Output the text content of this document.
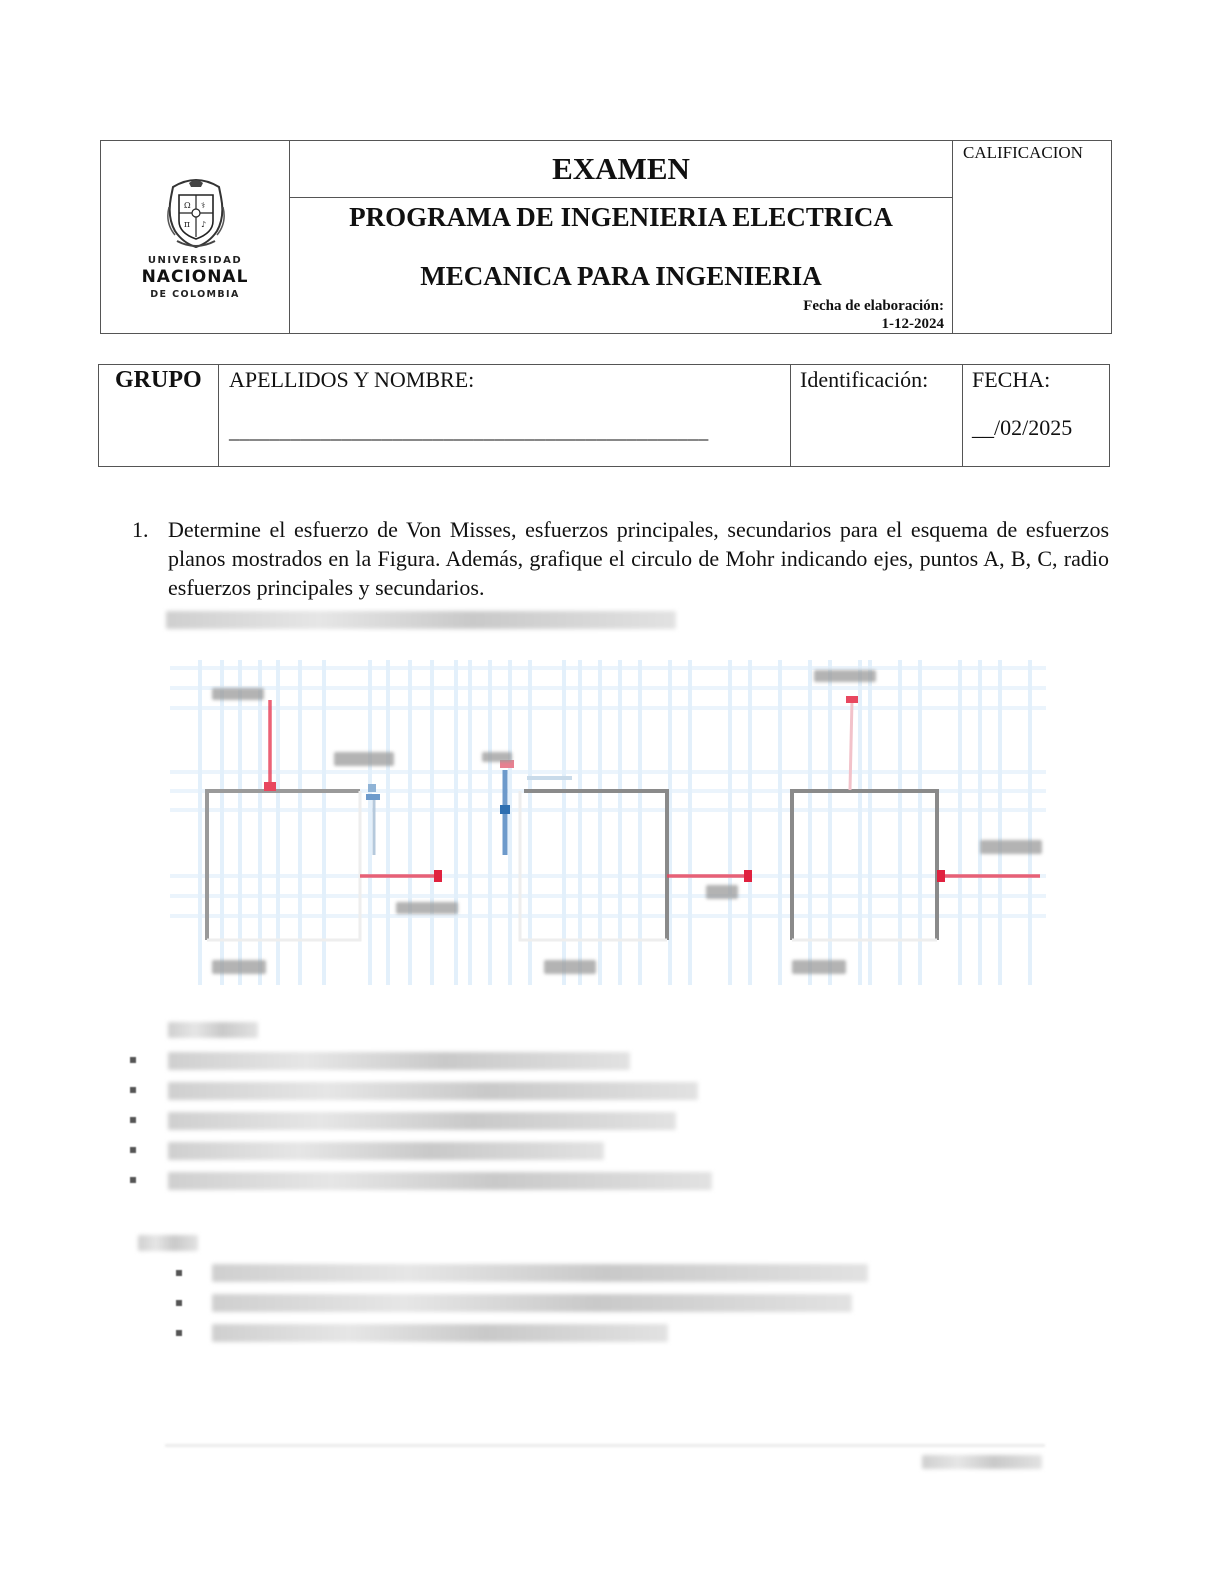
Ω
π
⚕
♪
UNIVERSIDAD
NACIONAL
DE COLOMBIA
EXAMEN
PROGRAMA DE INGENIERIA ELECTRICA
MECANICA PARA INGENIERIA
Fecha de elaboración:
1-12-2024
CALIFICACION
GRUPO APELLIDOS Y NOMBRE:
_______________________________________________
Identificación: FECHA:
__/02/2025
1. Determine el esfuerzo de Von Misses, esfuerzos principales, secundarios para el esquema de esfuerzos planos mostrados en la Figura. Además, grafique el circulo de Mohr indicando ejes, puntos A, B, C, radio esfuerzos principales y secundarios.
